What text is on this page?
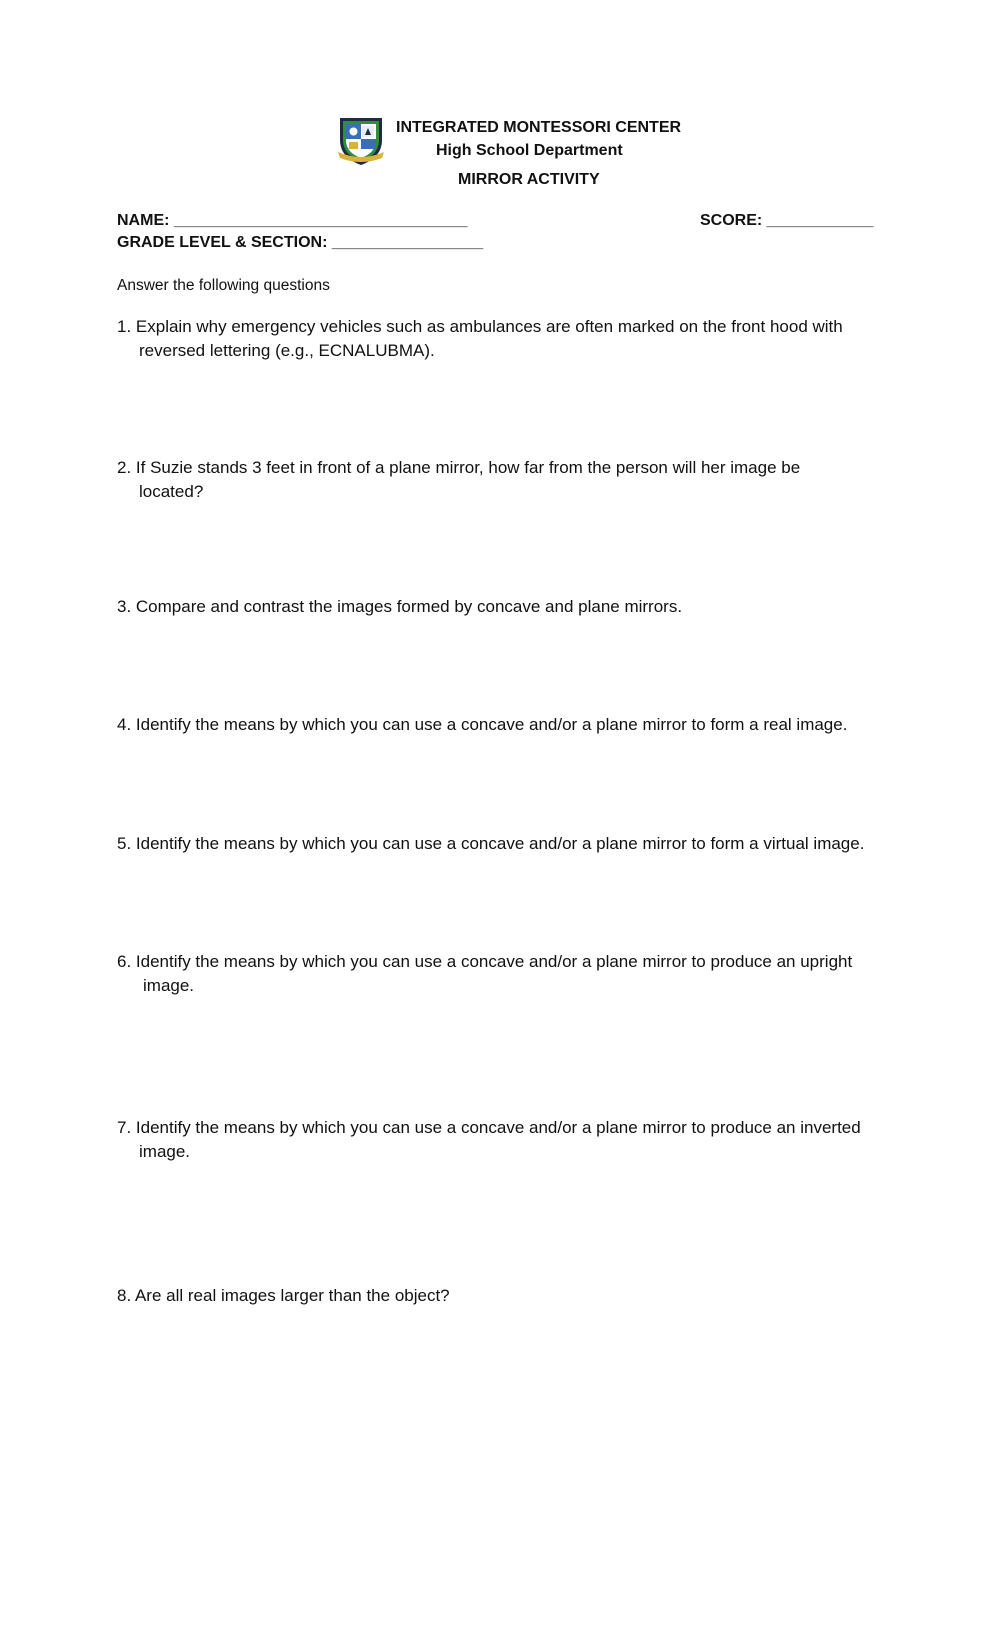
INTEGRATED MONTESSORI CENTER
High School Department
MIRROR ACTIVITY
NAME: _________________________________	SCORE: ____________
GRADE LEVEL & SECTION: _________________
Answer the following questions
1. Explain why emergency vehicles such as ambulances are often marked on the front hood with
reversed lettering (e.g., ECNALUBMA).
2. If Suzie stands 3 feet in front of a plane mirror, how far from the person will her image be
located?
3. Compare and contrast the images formed by concave and plane mirrors.
4. Identify the means by which you can use a concave and/or a plane mirror to form a real image.
5. Identify the means by which you can use a concave and/or a plane mirror to form a virtual image.
6. Identify the means by which you can use a concave and/or a plane mirror to produce an upright
image.
7. Identify the means by which you can use a concave and/or a plane mirror to produce an inverted
image.
8. Are all real images larger than the object?
